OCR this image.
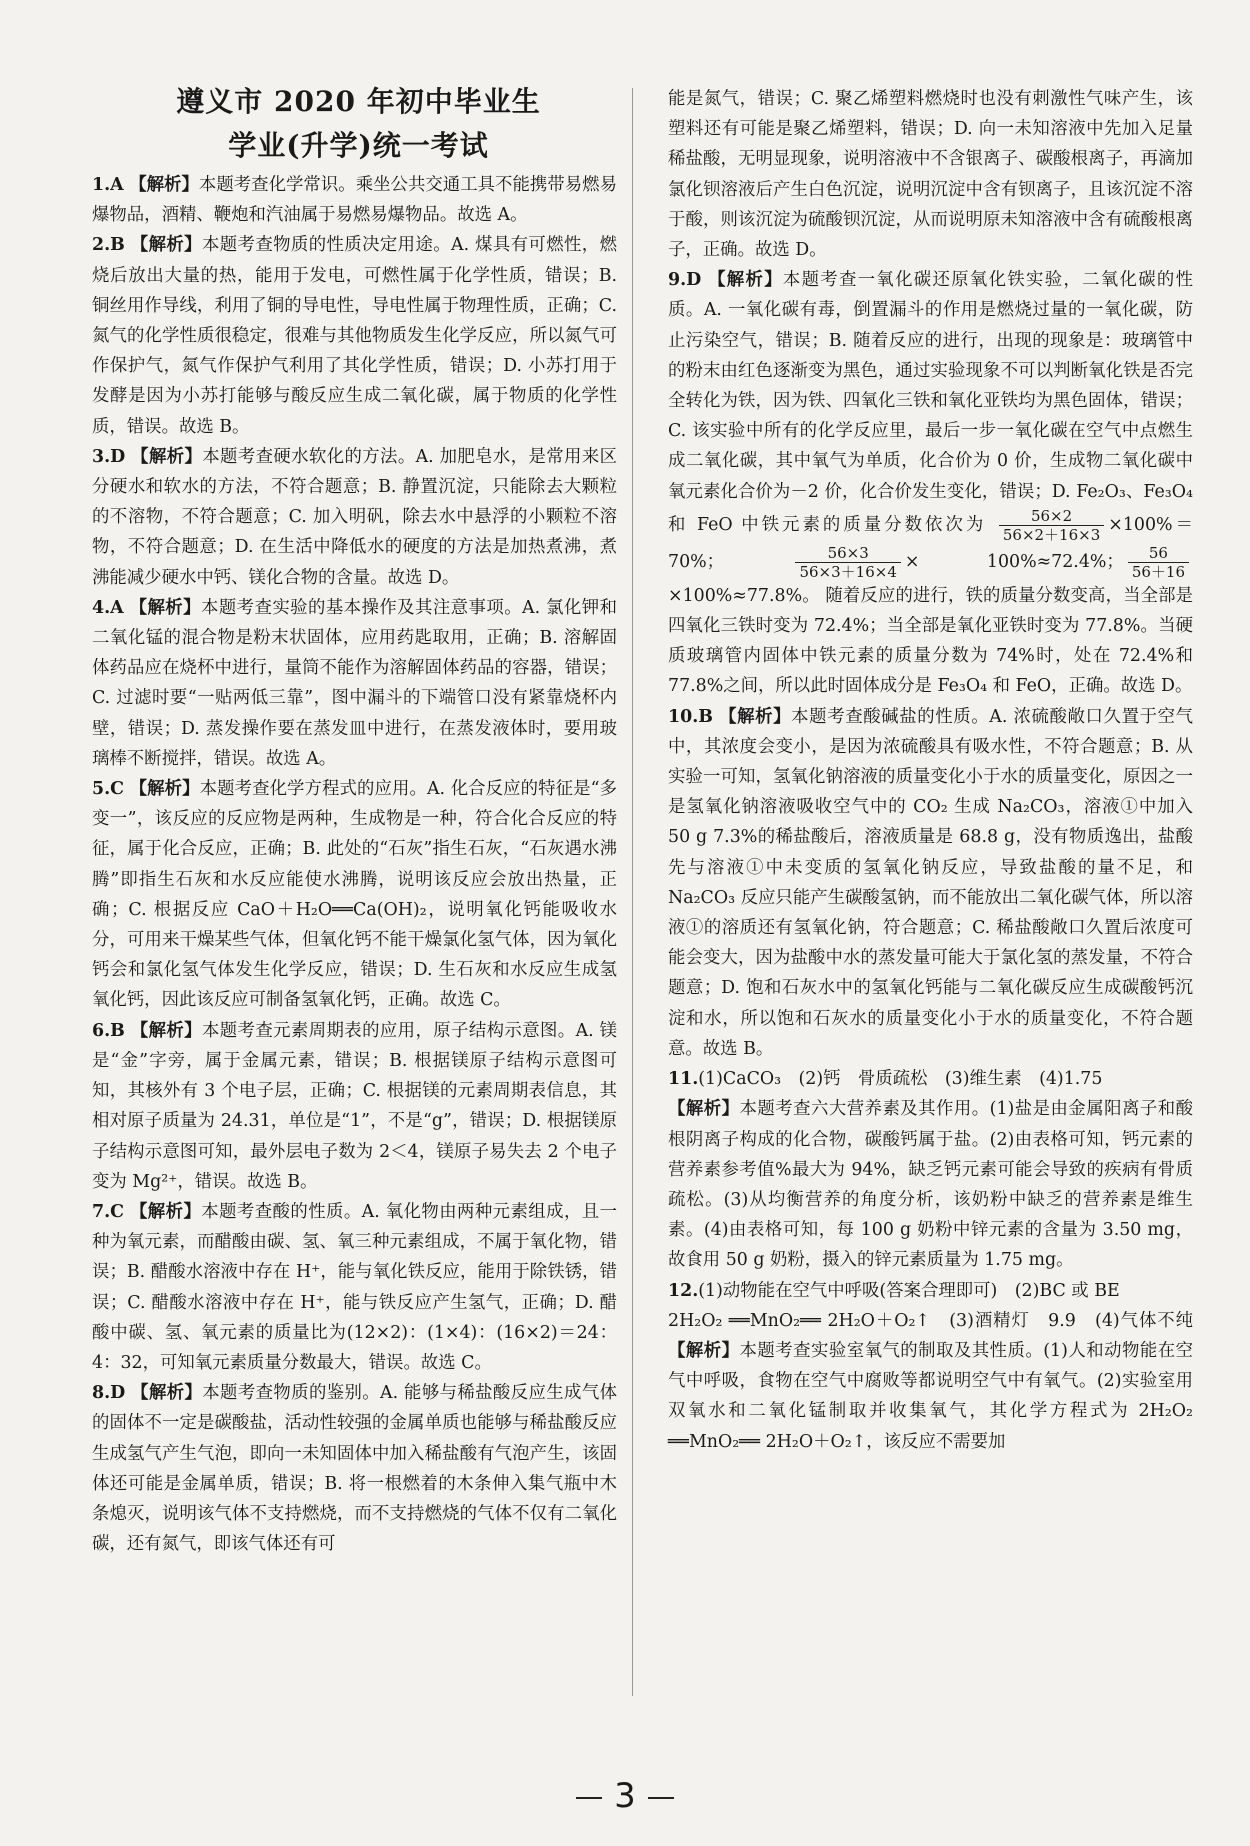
遵义市 2020 年初中毕业生
学业(升学)统一考试

1.A 【解析】本题考查化学常识。乘坐公共交通工具不能携带易燃易爆物品，酒精、鞭炮和汽油属于易燃易爆物品。故选 A。

2.B 【解析】本题考查物质的性质决定用途。A. 煤具有可燃性，燃烧后放出大量的热，能用于发电，可燃性属于化学性质，错误；B. 铜丝用作导线，利用了铜的导电性，导电性属于物理性质，正确；C. 氮气的化学性质很稳定，很难与其他物质发生化学反应，所以氮气可作保护气，氮气作保护气利用了其化学性质，错误；D. 小苏打用于发酵是因为小苏打能够与酸反应生成二氧化碳，属于物质的化学性质，错误。故选 B。

3.D 【解析】本题考查硬水软化的方法。A. 加肥皂水，是常用来区分硬水和软水的方法，不符合题意；B. 静置沉淀，只能除去大颗粒的不溶物，不符合题意；C. 加入明矾，除去水中悬浮的小颗粒不溶物，不符合题意；D. 在生活中降低水的硬度的方法是加热煮沸，煮沸能减少硬水中钙、镁化合物的含量。故选 D。

4.A 【解析】本题考查实验的基本操作及其注意事项。A. 氯化钾和二氧化锰的混合物是粉末状固体，应用药匙取用，正确；B. 溶解固体药品应在烧杯中进行，量筒不能作为溶解固体药品的容器，错误；C. 过滤时要“一贴两低三靠”，图中漏斗的下端管口没有紧靠烧杯内壁，错误；D. 蒸发操作要在蒸发皿中进行，在蒸发液体时，要用玻璃棒不断搅拌，错误。故选 A。

5.C 【解析】本题考查化学方程式的应用。A. 化合反应的特征是“多变一”，该反应的反应物是两种，生成物是一种，符合化合反应的特征，属于化合反应，正确；B. 此处的“石灰”指生石灰，“石灰遇水沸腾”即指生石灰和水反应能使水沸腾，说明该反应会放出热量，正确；C. 根据反应 CaO＋H₂O══Ca(OH)₂，说明氧化钙能吸收水分，可用来干燥某些气体，但氧化钙不能干燥氯化氢气体，因为氧化钙会和氯化氢气体发生化学反应，错误；D. 生石灰和水反应生成氢氧化钙，因此该反应可制备氢氧化钙，正确。故选 C。

6.B 【解析】本题考查元素周期表的应用，原子结构示意图。A. 镁是“金”字旁，属于金属元素，错误；B. 根据镁原子结构示意图可知，其核外有 3 个电子层，正确；C. 根据镁的元素周期表信息，其相对原子质量为 24.31，单位是“1”，不是“g”，错误；D. 根据镁原子结构示意图可知，最外层电子数为 2＜4，镁原子易失去 2 个电子变为 Mg²⁺，错误。故选 B。

7.C 【解析】本题考查酸的性质。A. 氧化物由两种元素组成，且一种为氧元素，而醋酸由碳、氢、氧三种元素组成，不属于氧化物，错误；B. 醋酸水溶液中存在 H⁺，能与氧化铁反应，能用于除铁锈，错误；C. 醋酸水溶液中存在 H⁺，能与铁反应产生氢气，正确；D. 醋酸中碳、氢、氧元素的质量比为(12×2)：(1×4)：(16×2)＝24：4：32，可知氧元素质量分数最大，错误。故选 C。

8.D 【解析】本题考查物质的鉴别。A. 能够与稀盐酸反应生成气体的固体不一定是碳酸盐，活动性较强的金属单质也能够与稀盐酸反应生成氢气产生气泡，即向一未知固体中加入稀盐酸有气泡产生，该固体还可能是金属单质，错误；B. 将一根燃着的木条伸入集气瓶中木条熄灭，说明该气体不支持燃烧，而不支持燃烧的气体不仅有二氧化碳，还有氮气，即该气体还有可

能是氮气，错误；C. 聚乙烯塑料燃烧时也没有刺激性气味产生，该塑料还有可能是聚乙烯塑料，错误；D. 向一未知溶液中先加入足量稀盐酸，无明显现象，说明溶液中不含银离子、碳酸根离子，再滴加氯化钡溶液后产生白色沉淀，说明沉淀中含有钡离子，且该沉淀不溶于酸，则该沉淀为硫酸钡沉淀，从而说明原未知溶液中含有硫酸根离子，正确。故选 D。

9.D 【解析】本题考查一氧化碳还原氧化铁实验，二氧化碳的性质。A. 一氧化碳有毒，倒置漏斗的作用是燃烧过量的一氧化碳，防止污染空气，错误；B. 随着反应的进行，出现的现象是：玻璃管中的粉末由红色逐渐变为黑色，通过实验现象不可以判断氧化铁是否完全转化为铁，因为铁、四氧化三铁和氧化亚铁均为黑色固体，错误；C. 该实验中所有的化学反应里，最后一步一氧化碳在空气中点燃生成二氧化碳，其中氧气为单质，化合价为 0 价，生成物二氧化碳中氧元素化合价为－2 价，化合价发生变化，错误；D. Fe₂O₃、Fe₃O₄ 和 FeO 中铁元素的质量分数依次为 $\frac{56\times 2}{56\times 2+16\times 3} \times 100\%=70\%$；	$\frac{56\times 3}{56\times 3+16\times 4}$ ×	100%≈72.4%； $\frac{56}{56+16}$
×100%≈77.8%。 随着反应的进行，铁的质量分数变高，当全部是四氧化三铁时变为 72.4%；当全部是氧化亚铁时变为 77.8%。当硬质玻璃管内固体中铁元素的质量分数为 74%时，处在 72.4%和 77.8%之间，所以此时固体成分是 Fe₃O₄ 和 FeO，正确。故选 D。

10.B 【解析】本题考查酸碱盐的性质。A. 浓硫酸敞口久置于空气中，其浓度会变小，是因为浓硫酸具有吸水性，不符合题意；B. 从实验一可知，氢氧化钠溶液的质量变化小于水的质量变化，原因之一是氢氧化钠溶液吸收空气中的 CO₂ 生成 Na₂CO₃，溶液①中加入 50 g 7.3%的稀盐酸后，溶液质量是 68.8 g，没有物质逸出，盐酸先与溶液①中未变质的氢氧化钠反应，导致盐酸的量不足，和 Na₂CO₃ 反应只能产生碳酸氢钠，而不能放出二氧化碳气体，所以溶液①的溶质还有氢氧化钠，符合题意；C. 稀盐酸敞口久置后浓度可能会变大，因为盐酸中水的蒸发量可能大于氯化氢的蒸发量，不符合题意；D. 饱和石灰水中的氢氧化钙能与二氧化碳反应生成碳酸钙沉淀和水，所以饱和石灰水的质量变化小于水的质量变化，不符合题意。故选 B。

11.(1)CaCO₃　(2)钙　骨质疏松　(3)维生素　(4)1.75
【解析】本题考查六大营养素及其作用。(1)盐是由金属阳离子和酸根阴离子构成的化合物，碳酸钙属于盐。(2)由表格可知，钙元素的营养素参考值%最大为 94%，缺乏钙元素可能会导致的疾病有骨质疏松。(3)从均衡营养的角度分析，该奶粉中缺乏的营养素是维生素。(4)由表格可知，每 100 g 奶粉中锌元素的含量为 3.50 mg，故食用 50 g 奶粉，摄入的锌元素质量为 1.75 mg。

12.(1)动物能在空气中呼吸(答案合理即可)　(2)BC 或 BE
2H₂O₂ ══MnO₂══ 2H₂O＋O₂↑　(3)酒精灯　9.9　(4)气体不纯 【解析】本题考查实验室氧气的制取及其性质。(1)人和动物能在空气中呼吸，食物在空气中腐败等都说明空气中有氧气。(2)实验室用双氧水和二氧化锰制取并收集氧气，其化学方程式为 2H₂O₂ ══MnO₂══ 2H₂O＋O₂↑，该反应不需要加

3
